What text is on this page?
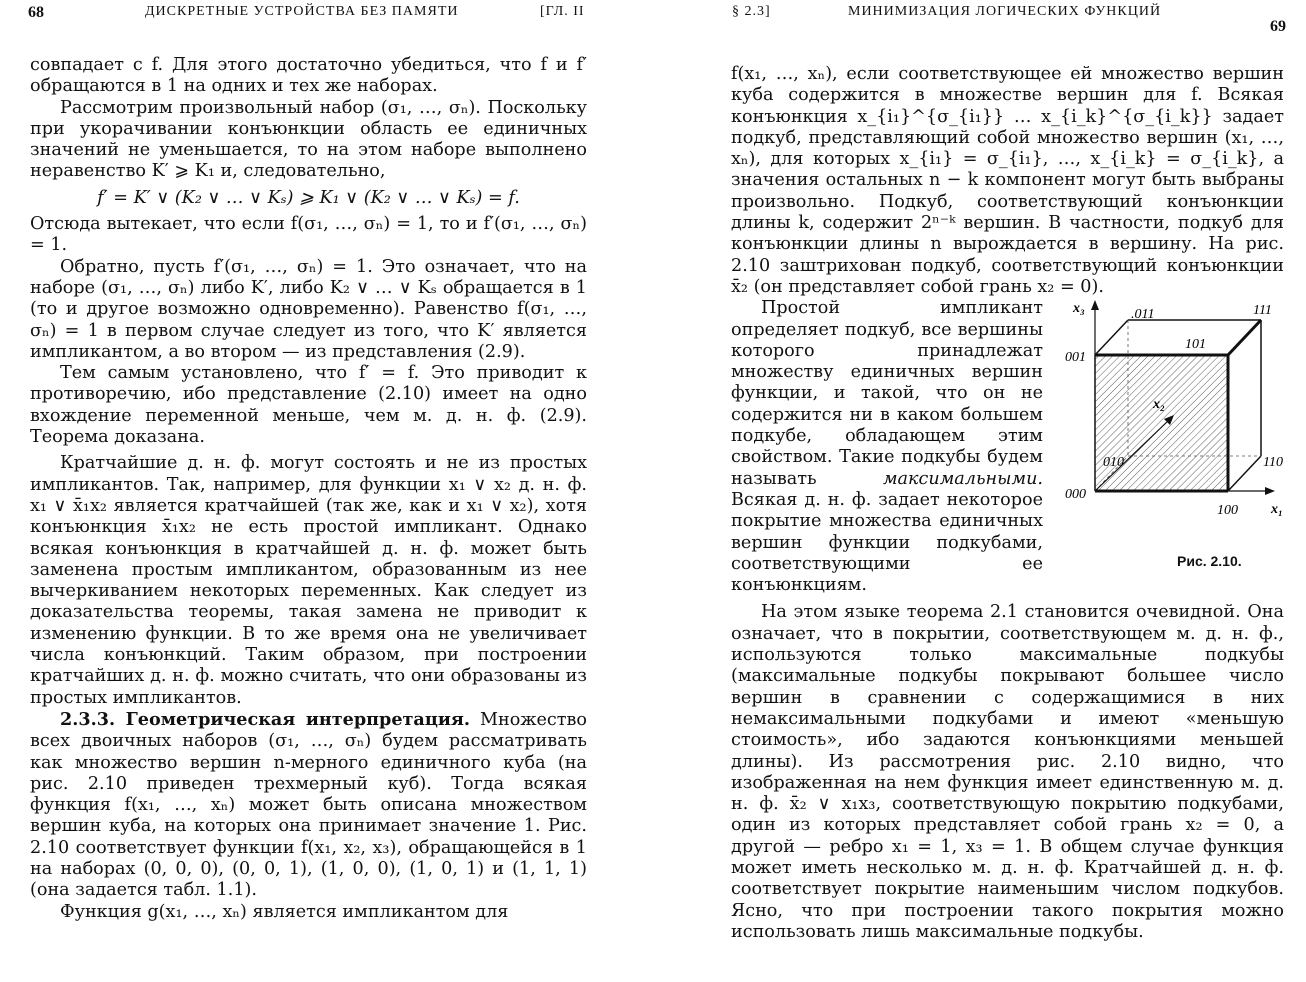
68	ДИСКРЕТНЫЕ УСТРОЙСТВА БЕЗ ПАМЯТИ	[ГЛ. II

совпадает с f. Для этого достаточно убедиться, что f и f′ обращаются в 1 на одних и тех же наборах.

Рассмотрим произвольный набор (σ₁, …, σₙ). Поскольку при укорачивании конъюнкции область ее единичных значений не уменьшается, то на этом наборе выполнено неравенство K′ ⩾ K₁ и, следовательно,

f′ = K′ ∨ (K₂ ∨ … ∨ Kₛ) ⩾ K₁ ∨ (K₂ ∨ … ∨ Kₛ) = f.

Отсюда вытекает, что если f(σ₁, …, σₙ) = 1, то и f′(σ₁, …, σₙ) = 1.

Обратно, пусть f′(σ₁, …, σₙ) = 1. Это означает, что на наборе (σ₁, …, σₙ) либо K′, либо K₂ ∨ … ∨ Kₛ обращается в 1 (то и другое возможно одновременно). Равенство f(σ₁, …, σₙ) = 1 в первом случае следует из того, что K′ является импликантом, а во втором — из представления (2.9).

Тем самым установлено, что f′ = f. Это приводит к противоречию, ибо представление (2.10) имеет на одно вхождение переменной меньше, чем м. д. н. ф. (2.9). Теорема доказана.

Кратчайшие д. н. ф. могут состоять и не из простых импликантов. Так, например, для функции x₁ ∨ x₂ д. н. ф. x₁ ∨ x̄₁x₂ является кратчайшей (так же, как и x₁ ∨ x₂), хотя конъюнкция x̄₁x₂ не есть простой импликант. Однако всякая конъюнкция в кратчайшей д. н. ф. может быть заменена простым импликантом, образованным из нее вычеркиванием некоторых переменных. Как следует из доказательства теоремы, такая замена не приводит к изменению функции. В то же время она не увеличивает числа конъюнкций. Таким образом, при построении кратчайших д. н. ф. можно считать, что они образованы из простых импликантов.

2.3.3. Геометрическая интерпретация. Множество всех двоичных наборов (σ₁, …, σₙ) будем рассматривать как множество вершин n-мерного единичного куба (на рис. 2.10 приведен трехмерный куб). Тогда всякая функция f(x₁, …, xₙ) может быть описана множеством вершин куба, на которых она принимает значение 1. Рис. 2.10 соответствует функции f(x₁, x₂, x₃), обращающейся в 1 на наборах (0, 0, 0), (0, 0, 1), (1, 0, 0), (1, 0, 1) и (1, 1, 1) (она задается табл. 1.1).

Функция g(x₁, …, xₙ) является импликантом для

§ 2.3]	МИНИМИЗАЦИЯ ЛОГИЧЕСКИХ ФУНКЦИЙ
69

f(x₁, …, xₙ), если соответствующее ей множество вершин куба содержится в множестве вершин для f. Всякая конъюнкция x_{i₁}^{σ_{i₁}} … x_{i_k}^{σ_{i_k}} задает подкуб, представляющий собой множество вершин (x₁, …, xₙ), для которых x_{i₁} = σ_{i₁}, …, x_{i_k} = σ_{i_k}, а значения остальных n − k компонент могут быть выбраны произвольно. Подкуб, соответствующий конъюнкции длины k, содержит 2ⁿ⁻ᵏ вершин. В частности, подкуб для конъюнкции длины n вырождается в вершину. На рис. 2.10 заштрихован подкуб, соответствующий конъюнкции x̄₂ (он представляет собой грань x₂ = 0).

Простой импликант определяет подкуб, все вершины которого принадлежат множеству единичных вершин функции, и такой, что он не содержится ни в каком большем подкубе, обладающем этим свойством. Такие подкубы будем называть	максимальными. Всякая д. н. ф. задает некоторое покрытие множества единичных вершин функции подкубами, соответствующими ее конъюнкциям.

000
001
010
.011
100
101
110
111
x₁
x₂
x₃
Рис. 2.10.

На этом языке теорема 2.1 становится очевидной. Она означает, что в покрытии, соответствующем м. д. н. ф., используются только максимальные подкубы (максимальные подкубы покрывают большее число вершин в сравнении с содержащимися в них немаксимальными подкубами и имеют «меньшую стоимость», ибо задаются конъюнкциями меньшей длины). Из рассмотрения рис. 2.10 видно, что изображенная на нем функция имеет единственную м. д. н. ф. x̄₂ ∨ x₁x₃, соответствующую покрытию подкубами, один из которых представляет собой грань x₂ = 0, а другой — ребро x₁ = 1, x₃ = 1. В общем случае функция может иметь несколько м. д. н. ф. Кратчайшей д. н. ф. соответствует покрытие наименьшим числом подкубов. Ясно, что при построении такого покрытия можно использовать лишь максимальные подкубы.
